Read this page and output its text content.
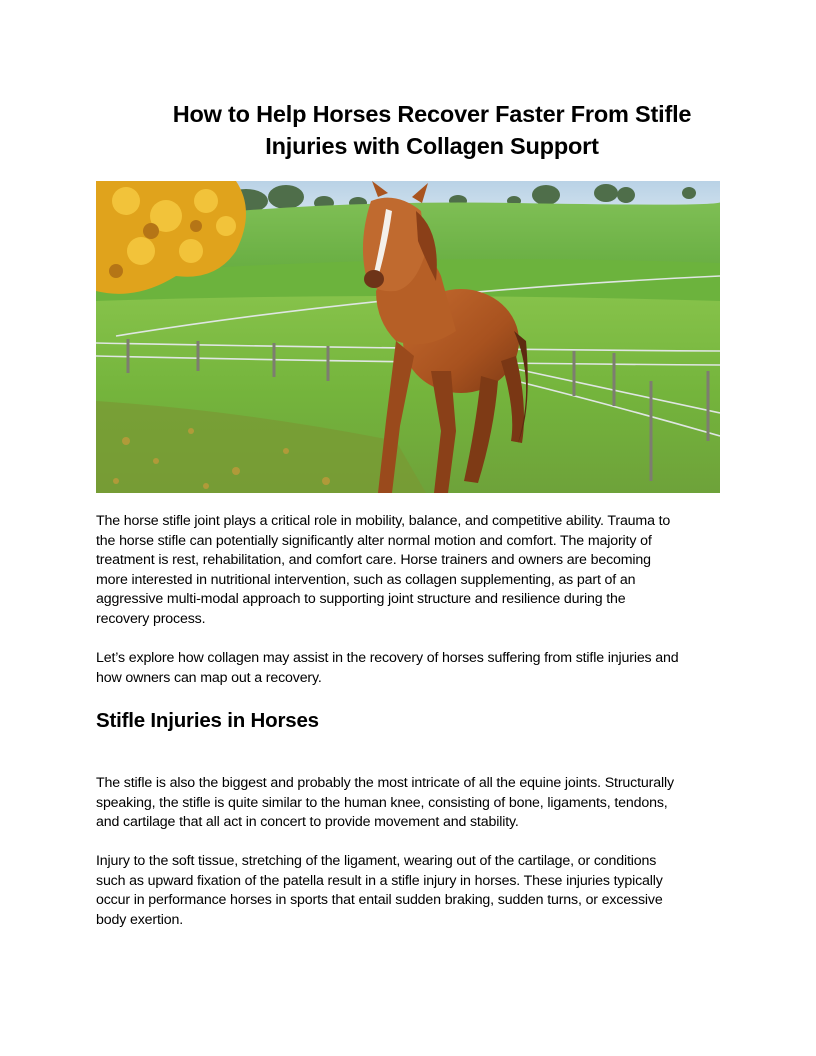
How to Help Horses Recover Faster From Stifle
Injuries with Collagen Support

The horse stifle joint plays a critical role in mobility, balance, and competitive ability. Trauma to
the horse stifle can potentially significantly alter normal motion and comfort. The majority of
treatment is rest, rehabilitation, and comfort care. Horse trainers and owners are becoming
more interested in nutritional intervention, such as collagen supplementing, as part of an
aggressive multi-modal approach to supporting joint structure and resilience during the
recovery process.

Let’s explore how collagen may assist in the recovery of horses suffering from stifle injuries and
how owners can map out a recovery.

Stifle Injuries in Horses

The stifle is also the biggest and probably the most intricate of all the equine joints. Structurally
speaking, the stifle is quite similar to the human knee, consisting of bone, ligaments, tendons,
and cartilage that all act in concert to provide movement and stability.

Injury to the soft tissue, stretching of the ligament, wearing out of the cartilage, or conditions
such as upward fixation of the patella result in a stifle injury in horses. These injuries typically
occur in performance horses in sports that entail sudden braking, sudden turns, or excessive
body exertion.
